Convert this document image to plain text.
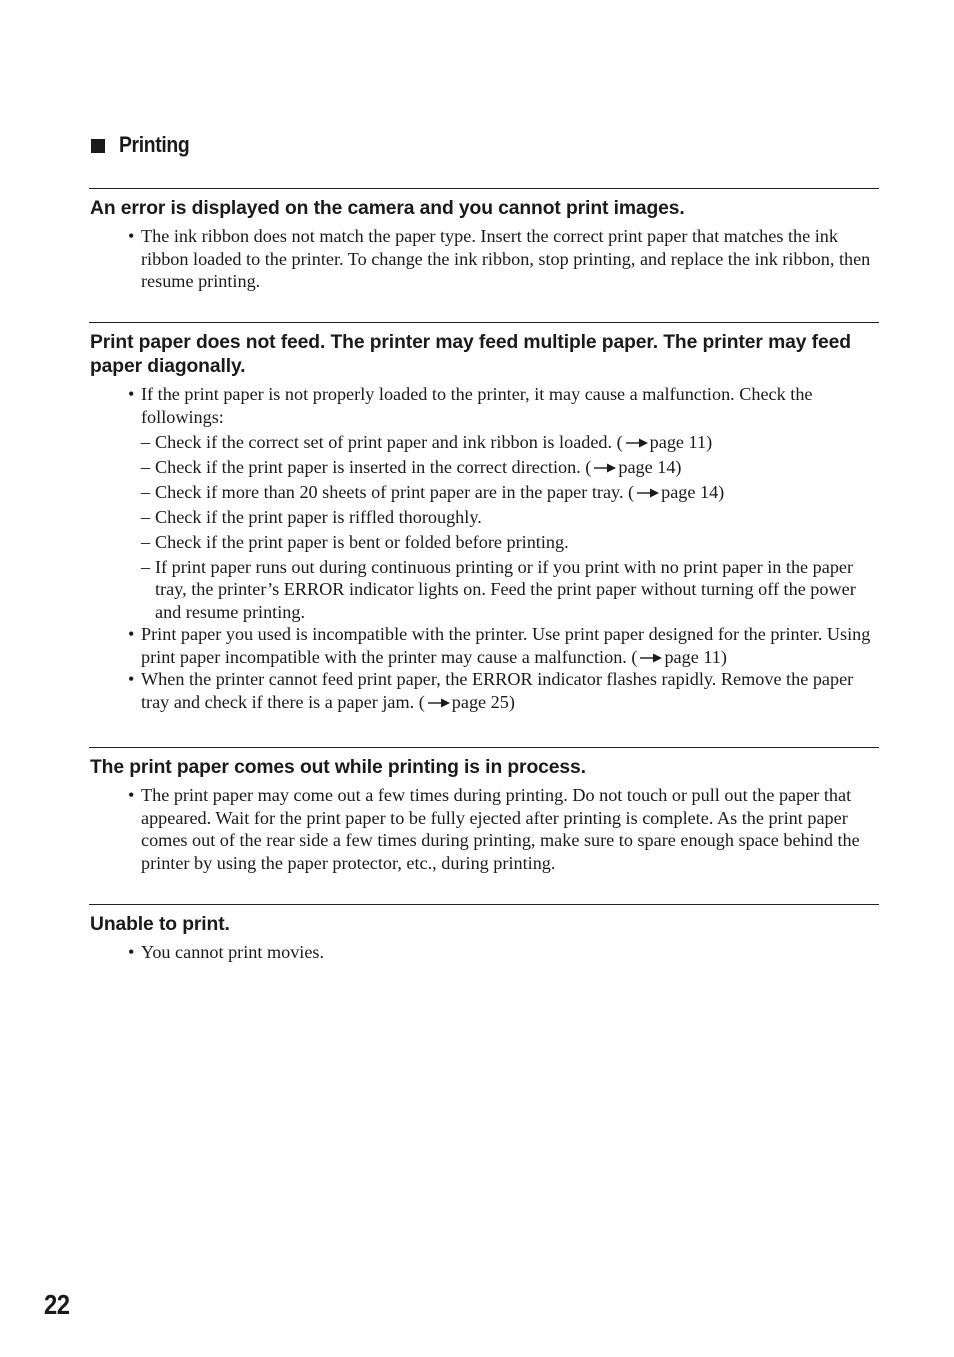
Printing
An error is displayed on the camera and you cannot print images.
• The ink ribbon does not match the paper type. Insert the correct print paper that matches the ink ribbon loaded to the printer. To change the ink ribbon, stop printing, and replace the ink ribbon, then resume printing.
Print paper does not feed. The printer may feed multiple paper. The printer may feed paper diagonally.
• If the print paper is not properly loaded to the printer, it may cause a malfunction. Check the followings:
– Check if the correct set of print paper and ink ribbon is loaded. ( page 11)
– Check if the print paper is inserted in the correct direction. ( page 14)
– Check if more than 20 sheets of print paper are in the paper tray. ( page 14)
– Check if the print paper is riffled thoroughly.
– Check if the print paper is bent or folded before printing.
– If print paper runs out during continuous printing or if you print with no print paper in the paper tray, the printer’s ERROR indicator lights on. Feed the print paper without turning off the power and resume printing.
• Print paper you used is incompatible with the printer. Use print paper designed for the printer. Using print paper incompatible with the printer may cause a malfunction. ( page 11)
• When the printer cannot feed print paper, the ERROR indicator flashes rapidly. Remove the paper tray and check if there is a paper jam. ( page 25)
The print paper comes out while printing is in process.
• The print paper may come out a few times during printing. Do not touch or pull out the paper that appeared. Wait for the print paper to be fully ejected after printing is complete. As the print paper comes out of the rear side a few times during printing, make sure to spare enough space behind the printer by using the paper protector, etc., during printing.
Unable to print.
• You cannot print movies.
22
